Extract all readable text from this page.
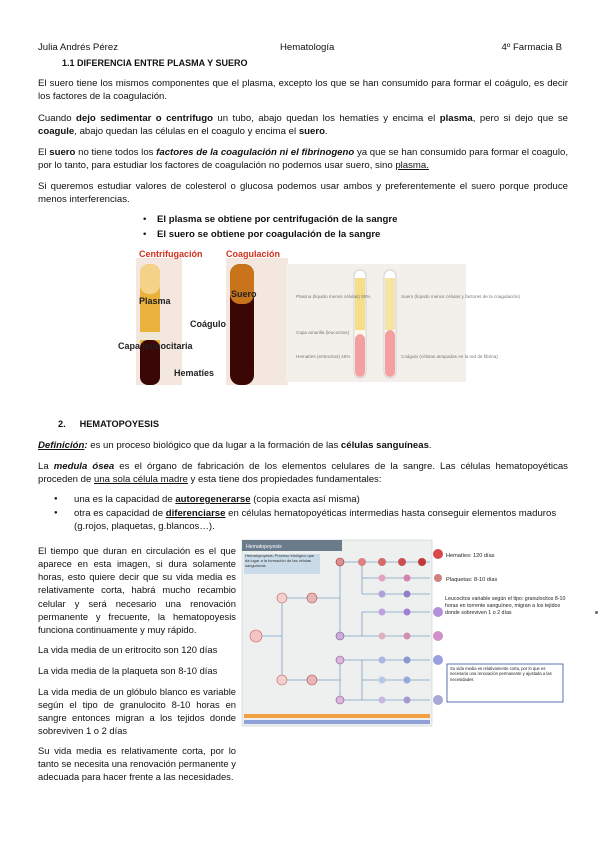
Julia Andrés Pérez	Hematología	4º Farmacia B
1.1 DIFERENCIA ENTRE PLASMA Y SUERO
El suero tiene los mismos componentes que el plasma, excepto los que se han consumido para formar el coágulo, es decir los factores de la coagulación.
Cuando dejo sedimentar o centrifugo un tubo, abajo quedan los hematíes y encima el plasma, pero si dejo que se coagule, abajo quedan las células en el coagulo y encima el suero.
El suero no tiene todos los factores de la coagulación ni el fibrinogeno ya que se han consumido para formar el coagulo, por lo tanto, para estudiar los factores de coagulación no podemos usar suero, sino plasma.
Si queremos estudiar valores de colesterol o glucosa podemos usar ambos y preferentemente el suero porque produce menos interferencias.
• El plasma se obtiene por centrifugación de la sangre
• El suero se obtiene por coagulación de la sangre
Centrifugación
Plasma
Capa leucocitaria
Coagulación
Suero
Coágulo
Hematíes
Plasma (líquido menos células) 55%
Capa amarilla (leucocitos)
Hematíes (eritrocitos) 45%
Suero (líquido menos células y factores de la coagulación)
Coágulo (células atrapadas en la red de fibrina)
2. HEMATOPOYESIS
Definición: es un proceso biológico que da lugar a la formación de las células sanguíneas.
La medula ósea es el órgano de fabricación de los elementos celulares de la sangre. Las células hematopoyéticas proceden de una sola célula madre y esta tiene dos propiedades fundamentales:
una es la capacidad de autoregenerarse (copia exacta así misma)
otra es capacidad de diferenciarse en células hematopoyéticas intermedias hasta conseguir elementos maduros (g.rojos, plaquetas, g.blancos…).
El tiempo que duran en circulación es el que aparece en esta imagen, si dura solamente horas, esto quiere decir que su vida media es relativamente corta, habrá mucho recambio celular y será necesario una renovación permanente y frecuente, la hematopoyesis funciona continuamente y muy rápido.
La vida media de un eritrocito son 120 días
La vida media de la plaqueta son 8-10 días
La vida media de un glóbulo blanco es variable según el tipo de granulocito 8-10 horas en sangre entonces migran a los tejidos donde sobreviven 1 o 2 días
Su vida media es relativamente corta, por lo tanto se necesita una renovación permanente y adecuada para hacer frente a las necesidades.
Hematopoyesis
Hematopoyesis: Proceso biológico que da lugar a la formación de las células sanguíneas
Hematíes: 120 días
Plaquetas: 8-10 días
Leucocitos variable según el tipo: granulocitos 8-10 horas en torrente sanguíneo, migran a los tejidos donde sobreviven 1 o 2 días
Su vida media es relativamente corta, por lo que es necesario una renovación permanente y ajustada a las necesidades
